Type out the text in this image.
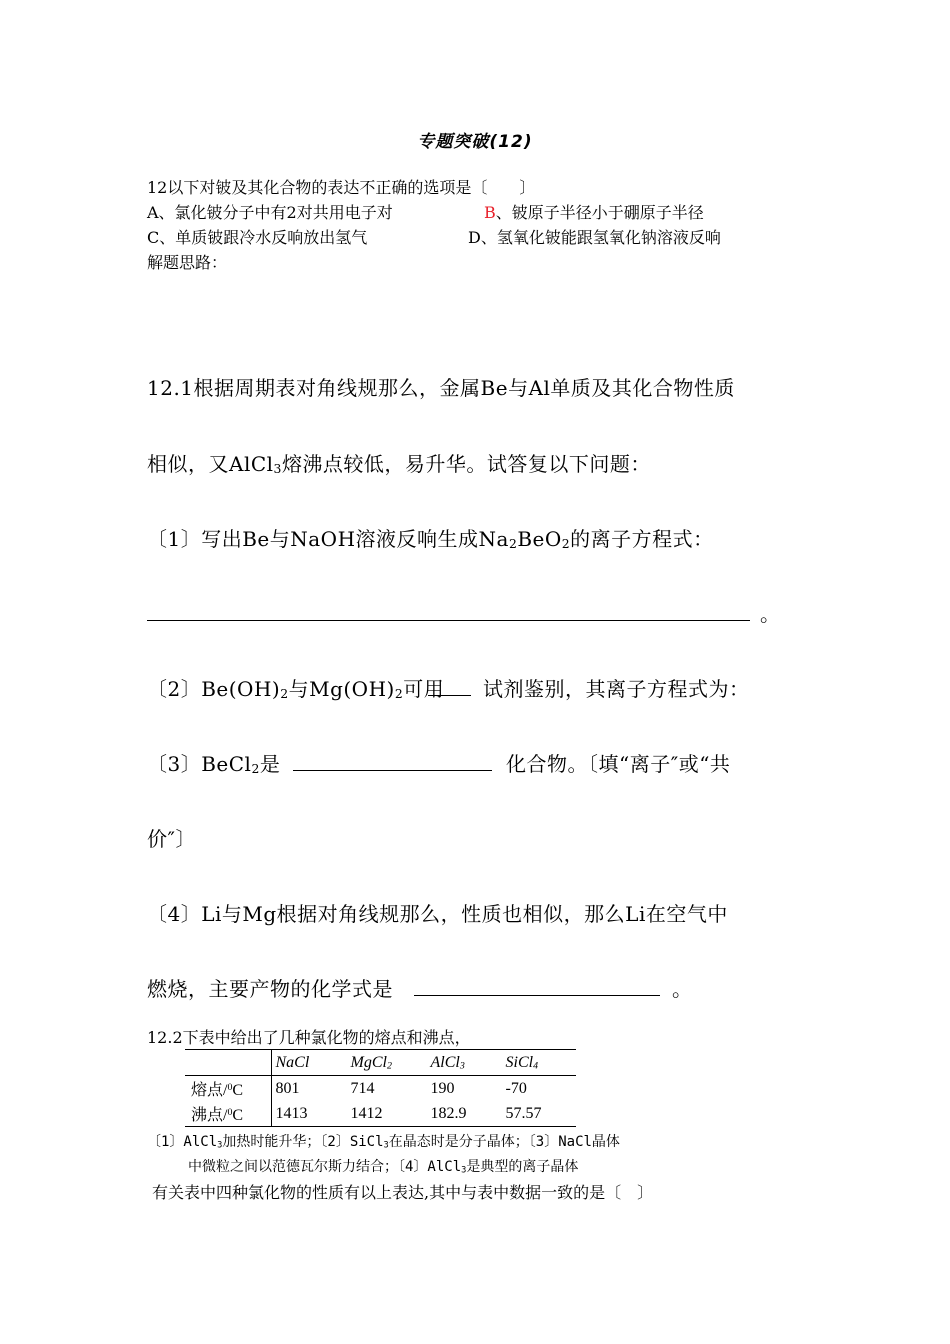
专题突破(12)
12以下对铍及其化合物的表达不正确的选项是〔　　〕
A、氯化铍分子中有2对共用电子对	B、铍原子半径小于硼原子半径
C、单质铍跟冷水反响放出氢气	D、氢氧化铍能跟氢氧化钠溶液反响
解题思路：
12.1根据周期表对角线规那么，金属Be与Al单质及其化合物性质
相似，又AlCl$_3$熔沸点较低，易升华。试答复以下问题：
〔1〕写出Be与NaOH溶液反响生成$Na_2BeO_2$的离子方程式：
。
〔2〕$Be(OH)_2$与$Mg(OH)_2$可用 试剂鉴别，其离子方程式为：
〔3〕BeCl$_2$是	化合物。〔填“离子″或“共
价″〕
〔4〕Li与Mg根据对角线规那么，性质也相似，那么Li在空气中
燃烧，主要产物的化学式是	。
12.2下表中给出了几种氯化物的熔点和沸点，
	NaCl	MgCl$_2$	AlCl$_3$	SiCl$_4$
熔点/$^0$C	801	714	190	-70
沸点/$^0$C	1413	1412	182.9	57.57
〔1〕AlCl$_3$加热时能升华；〔2〕SiCl$_3$在晶态时是分子晶体；〔3〕NaCl晶体
中微粒之间以范德瓦尔斯力结合；〔4〕AlCl$_3$是典型的离子晶体
有关表中四种氯化物的性质有以上表达,其中与表中数据一致的是〔　〕
